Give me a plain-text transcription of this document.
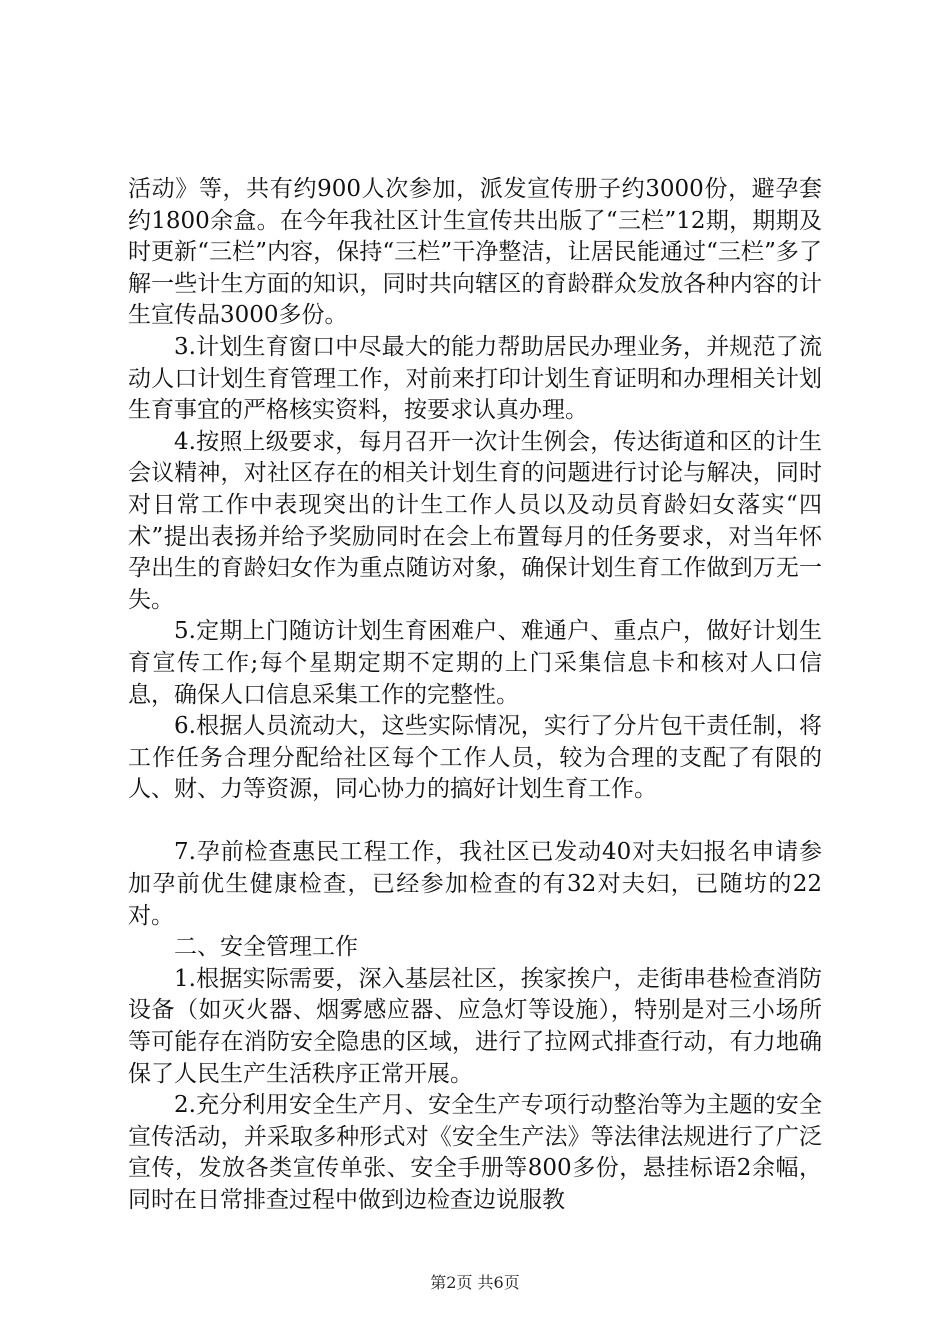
活动》等，共有约900人次参加，派发宣传册子约3000份，避孕套约1800余盒。在今年我社区计生宣传共出版了“三栏”12期，期期及时更新“三栏”内容，保持“三栏”干净整洁，让居民能通过“三栏”多了解一些计生方面的知识，同时共向辖区的育龄群众发放各种内容的计生宣传品3000多份。

3.计划生育窗口中尽最大的能力帮助居民办理业务，并规范了流动人口计划生育管理工作，对前来打印计划生育证明和办理相关计划生育事宜的严格核实资料，按要求认真办理。

4.按照上级要求，每月召开一次计生例会，传达街道和区的计生会议精神，对社区存在的相关计划生育的问题进行讨论与解决，同时对日常工作中表现突出的计生工作人员以及动员育龄妇女落实“四术”提出表扬并给予奖励同时在会上布置每月的任务要求，对当年怀孕出生的育龄妇女作为重点随访对象，确保计划生育工作做到万无一失。

5.定期上门随访计划生育困难户、难通户、重点户，做好计划生育宣传工作;每个星期定期不定期的上门采集信息卡和核对人口信息，确保人口信息采集工作的完整性。

6.根据人员流动大，这些实际情况，实行了分片包干责任制，将工作任务合理分配给社区每个工作人员，较为合理的支配了有限的人、财、力等资源，同心协力的搞好计划生育工作。

7.孕前检查惠民工程工作，我社区已发动40对夫妇报名申请参加孕前优生健康检查，已经参加检查的有32对夫妇，已随坊的22对。

二、安全管理工作

1.根据实际需要，深入基层社区，挨家挨户，走街串巷检查消防设备（如灭火器、烟雾感应器、应急灯等设施），特别是对三小场所等可能存在消防安全隐患的区域，进行了拉网式排查行动，有力地确保了人民生产生活秩序正常开展。

2.充分利用安全生产月、安全生产专项行动整治等为主题的安全宣传活动，并采取多种形式对《安全生产法》等法律法规进行了广泛宣传，发放各类宣传单张、安全手册等800多份，悬挂标语2余幅，同时在日常排查过程中做到边检查边说服教

第2页 共6页
